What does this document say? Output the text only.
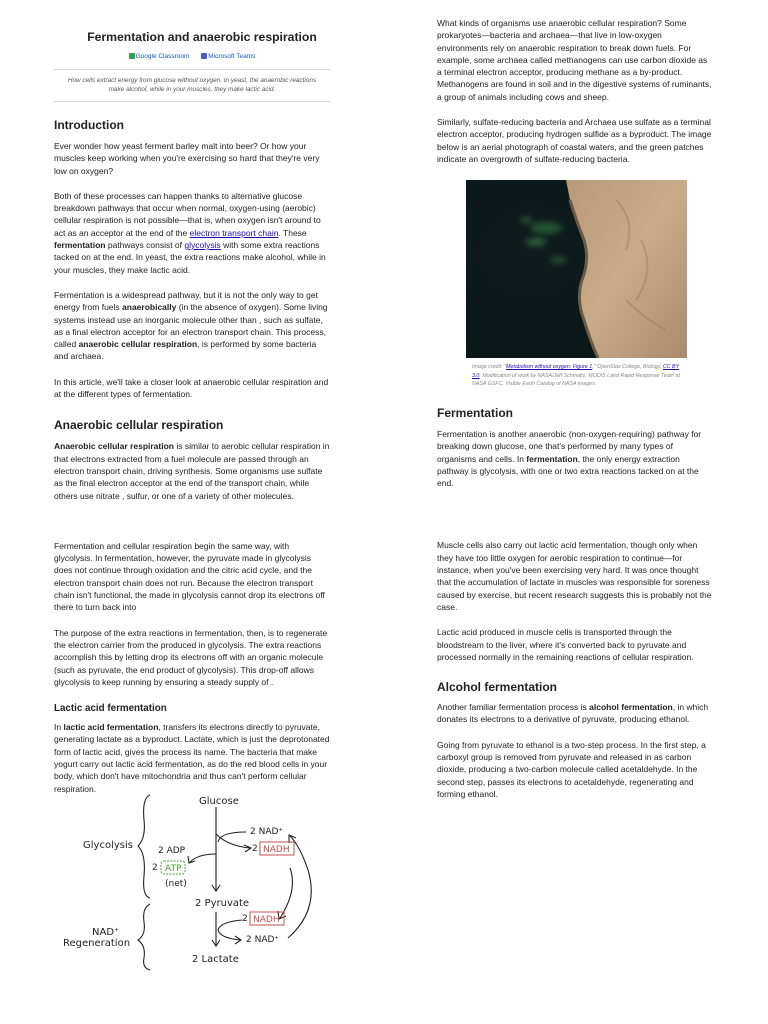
Fermentation and anaerobic respiration
Google Classroom	Microsoft Teams

How cells extract energy from glucose without oxygen. In yeast, the anaerobic reactions make alcohol, while in your muscles, they make lactic acid.

Introduction

Ever wonder how yeast ferment barley malt into beer? Or how your muscles keep working when you're exercising so hard that they're very low on oxygen?

Both of these processes can happen thanks to alternative glucose breakdown pathways that occur when normal, oxygen-using (aerobic) cellular respiration is not possible—that is, when oxygen isn't around to act as an acceptor at the end of the electron transport chain. These fermentation pathways consist of glycolysis with some extra reactions tacked on at the end. In yeast, the extra reactions make alcohol, while in your muscles, they make lactic acid.

Fermentation is a widespread pathway, but it is not the only way to get energy from fuels anaerobically (in the absence of oxygen). Some living systems instead use an inorganic molecule other than , such as sulfate, as a final electron acceptor for an electron transport chain. This process, called anaerobic cellular respiration, is performed by some bacteria and archaea.

In this article, we'll take a closer look at anaerobic cellular respiration and at the different types of fermentation.

Anaerobic cellular respiration

Anaerobic cellular respiration is similar to aerobic cellular respiration in that electrons extracted from a fuel molecule are passed through an electron transport chain, driving synthesis. Some organisms use sulfate as the final electron acceptor at the end of the transport chain, while others use nitrate , sulfur, or one of a variety of other molecules.

Fermentation and cellular respiration begin the same way, with glycolysis. In fermentation, however, the pyruvate made in glycolysis does not continue through oxidation and the citric acid cycle, and the electron transport chain does not run. Because the electron transport chain isn't functional, the made in glycolysis cannot drop its electrons off there to turn back into

The purpose of the extra reactions in fermentation, then, is to regenerate the electron carrier from the produced in glycolysis. The extra reactions accomplish this by letting drop its electrons off with an organic molecule (such as pyruvate, the end product of glycolysis). This drop-off allows glycolysis to keep running by ensuring a steady supply of .

Lactic acid fermentation

In lactic acid fermentation, transfers its electrons directly to pyruvate, generating lactate as a byproduct. Lactate, which is just the deprotonated form of lactic acid, gives the process its name. The bacteria that make yogurt carry out lactic acid fermentation, as do the red blood cells in your body, which don't have mitochondria and thus can't perform cellular respiration.

Glucose
Glycolysis	2 ADP
2
(net)
2 NAD⁺
2
2 Pyruvate
2
2 NAD⁺
NAD⁺
Regeneration
2 Lactate
ATP
NADH
NADH

What kinds of organisms use anaerobic cellular respiration? Some prokaryotes—bacteria and archaea—that live in low-oxygen environments rely on anaerobic respiration to break down fuels. For example, some archaea called methanogens can use carbon dioxide as a terminal electron acceptor, producing methane as a by-product. Methanogens are found in soil and in the digestive systems of ruminants, a group of animals including cows and sheep.

Similarly, sulfate-reducing bacteria and Archaea use sulfate as a terminal electron acceptor, producing hydrogen sulfide as a byproduct. The image below is an aerial photograph of coastal waters, and the green patches indicate an overgrowth of sulfate-reducing bacteria.

Image credit: "Metabolism without oxygen: Figure 1," OpenStax College, Biology, CC BY 3.0. Modification of work by NASA/Jeff Schmaltz, MODIS Land Rapid Response Team at NASA GSFC, Visible Earth Catalog of NASA images.

Fermentation

Fermentation is another anaerobic (non-oxygen-requiring) pathway for breaking down glucose, one that's performed by many types of organisms and cells. In fermentation, the only energy extraction pathway is glycolysis, with one or two extra reactions tacked on at the end.

Muscle cells also carry out lactic acid fermentation, though only when they have too little oxygen for aerobic respiration to continue—for instance, when you've been exercising very hard. It was once thought that the accumulation of lactate in muscles was responsible for soreness caused by exercise, but recent research suggests this is probably not the case.

Lactic acid produced in muscle cells is transported through the bloodstream to the liver, where it's converted back to pyruvate and processed normally in the remaining reactions of cellular respiration.

Alcohol fermentation

Another familiar fermentation process is alcohol fermentation, in which donates its electrons to a derivative of pyruvate, producing ethanol.

Going from pyruvate to ethanol is a two-step process. In the first step, a carboxyl group is removed from pyruvate and released in as carbon dioxide, producing a two-carbon molecule called acetaldehyde. In the second step, passes its electrons to acetaldehyde, regenerating and forming ethanol.
